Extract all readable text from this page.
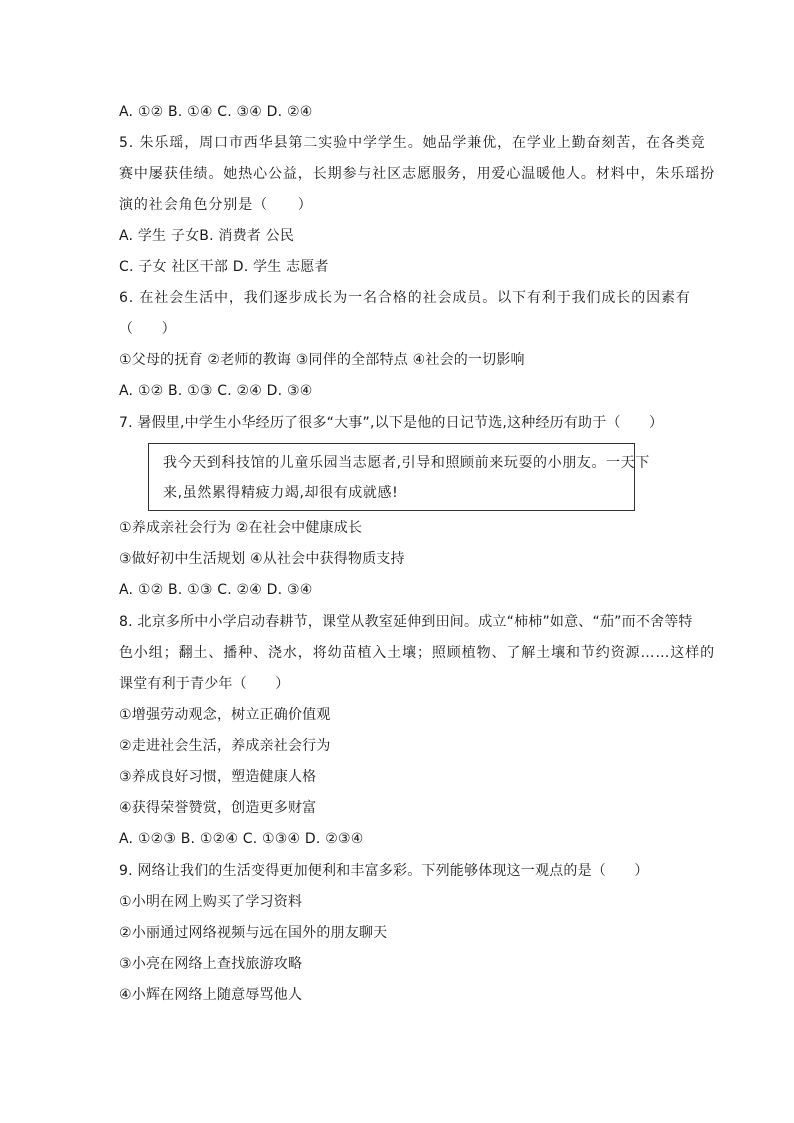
A. ①② B. ①④ C. ③④ D. ②④
5. 朱乐瑶，周口市西华县第二实验中学学生。她品学兼优，在学业上勤奋刻苦，在各类竞
赛中屡获佳绩。她热心公益，长期参与社区志愿服务，用爱心温暖他人。材料中，朱乐瑶扮
演的社会角色分别是（　　）
A. 学生 子女B. 消费者 公民
C. 子女 社区干部 D. 学生 志愿者
6. 在社会生活中，我们逐步成长为一名合格的社会成员。以下有利于我们成长的因素有
（　　）
①父母的抚育 ②老师的教诲 ③同伴的全部特点 ④社会的一切影响
A. ①② B. ①③ C. ②④ D. ③④
7. 暑假里,中学生小华经历了很多“大事”,以下是他的日记节选,这种经历有助于（　　）
我今天到科技馆的儿童乐园当志愿者,引导和照顾前来玩耍的小朋友。一天下
来,虽然累得精疲力竭,却很有成就感!
①养成亲社会行为 ②在社会中健康成长
③做好初中生活规划 ④从社会中获得物质支持
A. ①② B. ①③ C. ②④ D. ③④
8. 北京多所中小学启动春耕节，课堂从教室延伸到田间。成立“柿柿”如意、“茄”而不舍等特
色小组；翻土、播种、浇水，将幼苗植入土壤；照顾植物、了解土壤和节约资源……这样的
课堂有利于青少年（　　）
①增强劳动观念，树立正确价值观
②走进社会生活，养成亲社会行为
③养成良好习惯，塑造健康人格
④获得荣誉赞赏，创造更多财富
A. ①②③ B. ①②④ C. ①③④ D. ②③④
9. 网络让我们的生活变得更加便利和丰富多彩。下列能够体现这一观点的是（　　）
①小明在网上购买了学习资料
②小丽通过网络视频与远在国外的朋友聊天
③小亮在网络上查找旅游攻略
④小辉在网络上随意辱骂他人
